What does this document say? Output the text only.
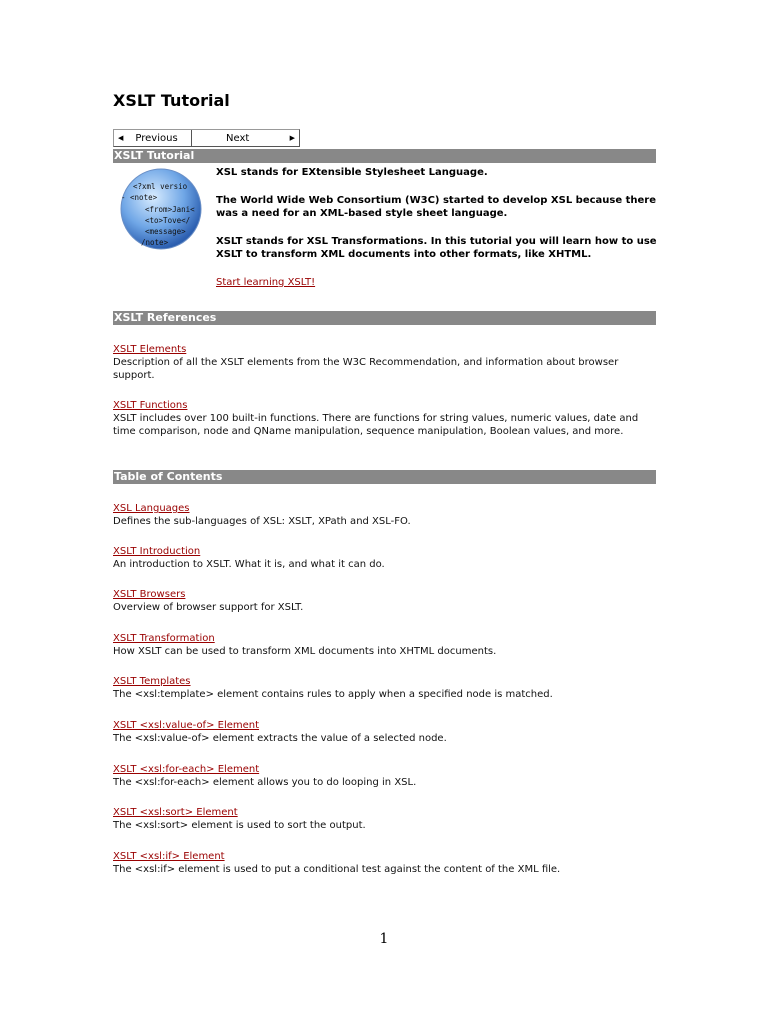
XSLT Tutorial
◀ Previous	Next	▶
XSLT Tutorial
<?xml versio
- <note>
<from>Jani<
<to>Tove</
<message>
/note>

XSL stands for EXtensible Stylesheet Language.

The World Wide Web Consortium (W3C) started to develop XSL because there was a need for an XML-based style sheet language.

XSLT stands for XSL Transformations. In this tutorial you will learn how to use XSLT to transform XML documents into other formats, like XHTML.

Start learning XSLT!
XSLT References
XSLT Elements
Description of all the XSLT elements from the W3C Recommendation, and information about browser support.
XSLT Functions
XSLT includes over 100 built-in functions. There are functions for string values, numeric values, date and time comparison, node and QName manipulation, sequence manipulation, Boolean values, and more.
Table of Contents
XSL Languages
Defines the sub-languages of XSL: XSLT, XPath and XSL-FO.
XSLT Introduction
An introduction to XSLT. What it is, and what it can do.
XSLT Browsers
Overview of browser support for XSLT.
XSLT Transformation
How XSLT can be used to transform XML documents into XHTML documents.
XSLT Templates
The <xsl:template> element contains rules to apply when a specified node is matched.
XSLT <xsl:value-of> Element
The <xsl:value-of> element extracts the value of a selected node.
XSLT <xsl:for-each> Element
The <xsl:for-each> element allows you to do looping in XSL.
XSLT <xsl:sort> Element
The <xsl:sort> element is used to sort the output.
XSLT <xsl:if> Element
The <xsl:if> element is used to put a conditional test against the content of the XML file.
1
